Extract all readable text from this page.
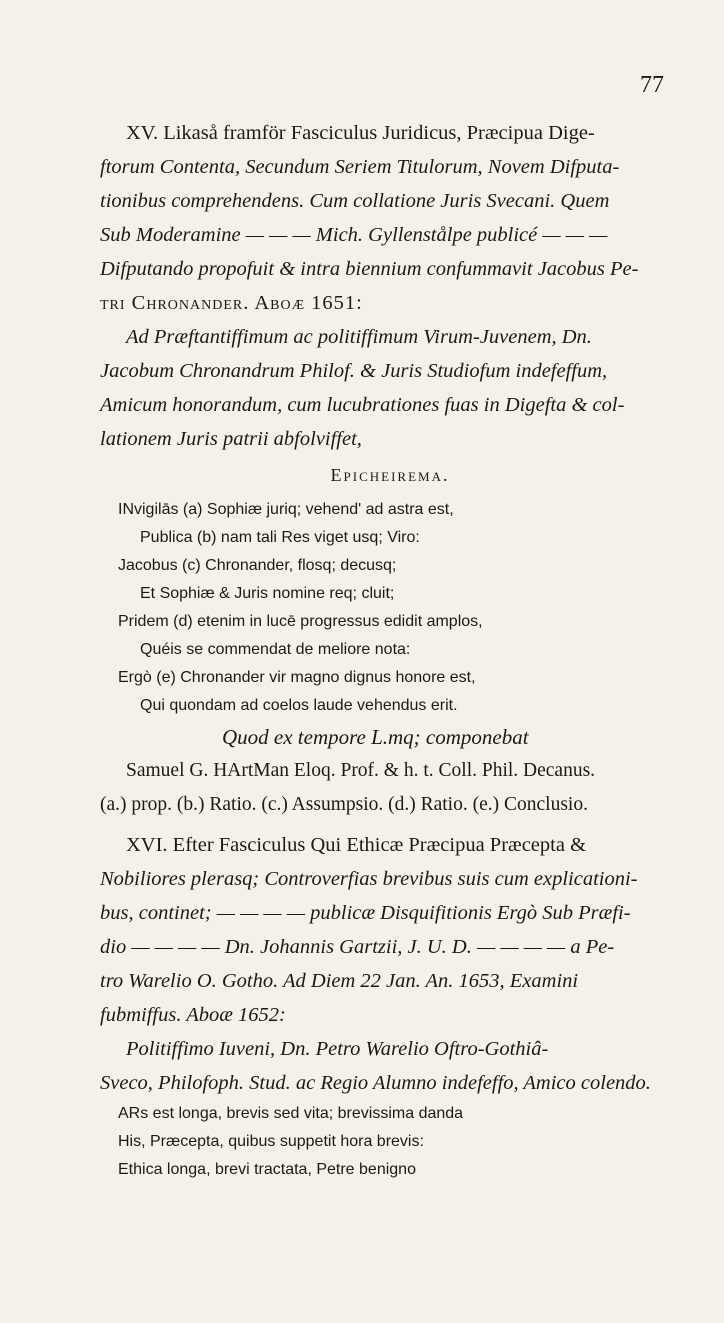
77
XV. Likaså framför Fasciculus Juridicus, Præcipua Dige-
ftorum Contenta, Secundum Seriem Titulorum, Novem Difputa-
tionibus comprehendens. Cum collatione Juris Svecani. Quem
Sub Moderamine — — — Mich. Gyllenstålpe publicé — — —
Difputando propofuit & intra biennium confummavit Jacobus Pe-
tri Chronander. Aboæ 1651:
Ad Præftantiffimum ac politiffimum Virum-Juvenem, Dn.
Jacobum Chronandrum Philof. & Juris Studiofum indefeffum,
Amicum honorandum, cum lucubrationes fuas in Digefta & col-
lationem Juris patrii abfolviffet,
Epicheirema.
INvigilās (a) Sophiæ juriq; vehend' ad astra est,
Publica (b) nam tali Res viget usq; Viro:
Jacobus (c) Chronander, flosq; decusq;
Et Sophiæ & Juris nomine req; cluit;
Pridem (d) etenim in lucē progressus edidit amplos,
Quéis se commendat de meliore nota:
Ergò (e) Chronander vir magno dignus honore est,
Qui quondam ad coelos laude vehendus erit.
Quod ex tempore L.mq; componebat
Samuel G. HArtMan Eloq. Prof. & h. t. Coll. Phil. Decanus.
(a.) prop. (b.) Ratio. (c.) Assumpsio. (d.) Ratio. (e.) Conclusio.
XVI. Efter Fasciculus Qui Ethicæ Præcipua Præcepta &
Nobiliores plerasq; Controverfias brevibus suis cum explicationi-
bus, continet; — — — — publicæ Disquifitionis Ergò Sub Præfi-
dio — — — — Dn. Johannis Gartzii, J. U. D. — — — — a Pe-
tro Warelio O. Gotho. Ad Diem 22 Jan. An. 1653, Examini
fubmiffus. Aboæ 1652:
Politiffimo Iuveni, Dn. Petro Warelio Oftro-Gothiâ-
Sveco, Philofoph. Stud. ac Regio Alumno indefeffo, Amico colendo.
ARs est longa, brevis sed vita; brevissima danda
His, Præcepta, quibus suppetit hora brevis:
Ethica longa, brevi tractata, Petre benigno
